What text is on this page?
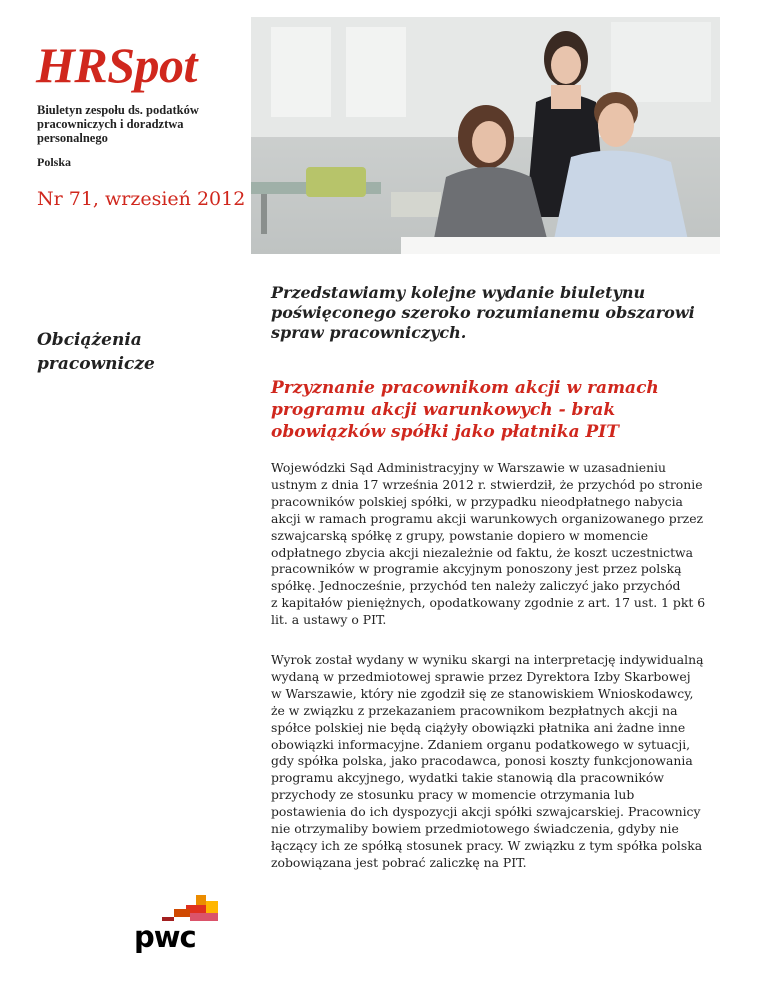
HRSpot

Biuletyn zespołu ds. podatków pracowniczych i doradztwa personalnego

Polska

Nr 71, wrzesień 2012

Obciążenia pracownicze

Przedstawiamy kolejne wydanie biuletynu poświęconego szeroko rozumianemu obszarowi spraw pracowniczych.

Przyznanie pracownikom akcji w ramach programu akcji warunkowych - brak obowiązków spółki jako płatnika PIT

Wojewódzki Sąd Administracyjny w Warszawie w uzasadnieniu
ustnym z dnia 17 września 2012 r. stwierdził, że przychód po stronie
pracowników polskiej spółki, w przypadku nieodpłatnego nabycia
akcji w ramach programu akcji warunkowych organizowanego przez
szwajcarską spółkę z grupy, powstanie dopiero w momencie
odpłatnego zbycia akcji niezależnie od faktu, że koszt uczestnictwa
pracowników w programie akcyjnym ponoszony jest przez polską
spółkę. Jednocześnie, przychód ten należy zaliczyć jako przychód
z kapitałów pieniężnych, opodatkowany zgodnie z art. 17 ust. 1 pkt 6
lit. a ustawy o PIT.

Wyrok został wydany w wyniku skargi na interpretację indywidualną
wydaną w przedmiotowej sprawie przez Dyrektora Izby Skarbowej
w Warszawie, który nie zgodził się ze stanowiskiem Wnioskodawcy,
że w związku z przekazaniem pracownikom bezpłatnych akcji na
spółce polskiej nie będą ciążyły obowiązki płatnika ani żadne inne
obowiązki informacyjne. Zdaniem organu podatkowego w sytuacji,
gdy spółka polska, jako pracodawca, ponosi koszty funkcjonowania
programu akcyjnego, wydatki takie stanowią dla pracowników
przychody ze stosunku pracy w momencie otrzymania lub
postawienia do ich dyspozycji akcji spółki szwajcarskiej. Pracownicy
nie otrzymaliby bowiem przedmiotowego świadczenia, gdyby nie
łączący ich ze spółką stosunek pracy. W związku z tym spółka polska
zobowiązana jest pobrać zaliczkę na PIT.

pwc
